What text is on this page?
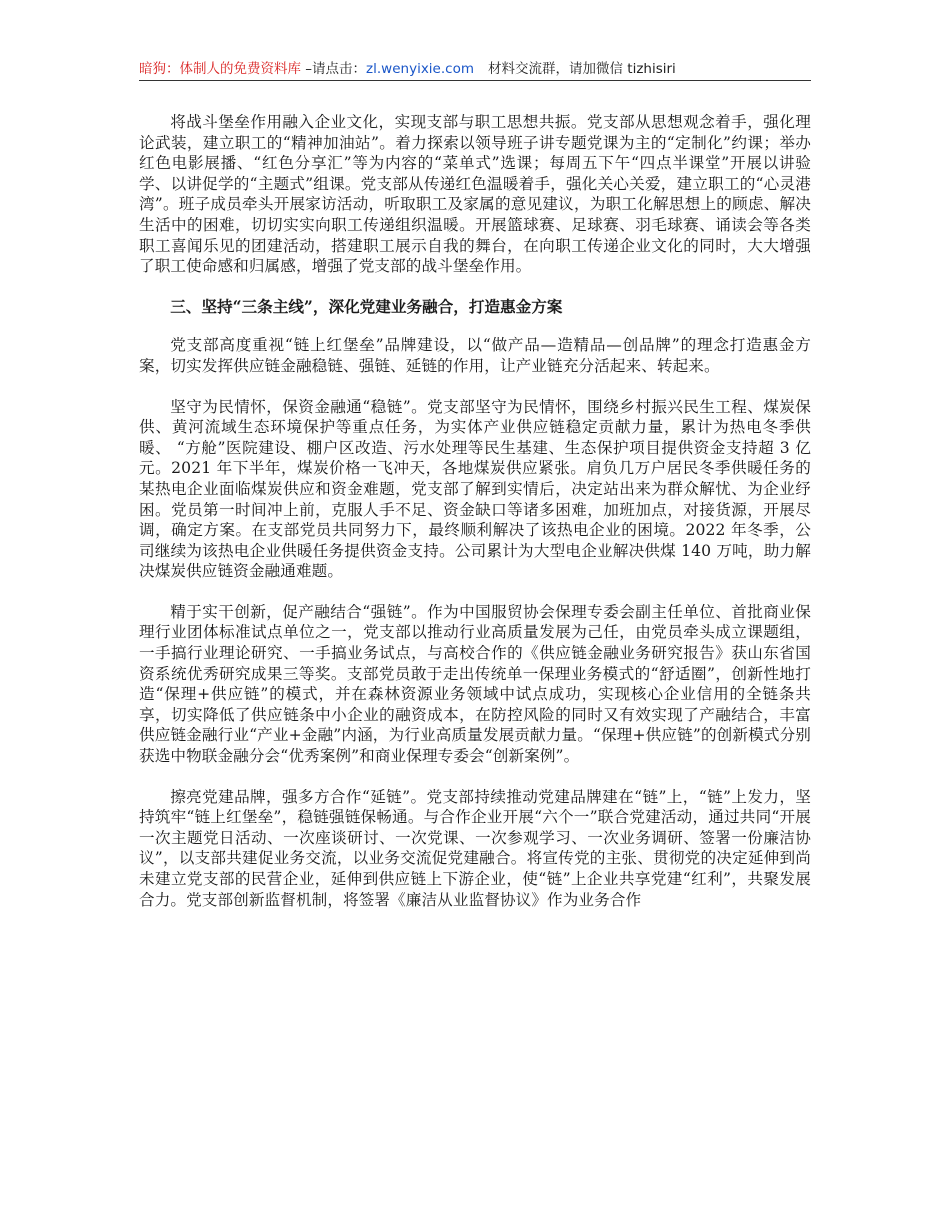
暗狗：体制人的免费资料库 –请点击：zl.wenyixie.com 材料交流群，请加微信 tizhisiri

将战斗堡垒作用融入企业文化，实现支部与职工思想共振。党支部从思想观念着手，强化理论武装，建立职工的“精神加油站”。着力探索以领导班子讲专题党课为主的“定制化”约课；举办红色电影展播、“红色分享汇”等为内容的“菜单式”选课；每周五下午“四点半课堂”开展以讲验学、以讲促学的“主题式”组课。党支部从传递红色温暖着手，强化关心关爱，建立职工的“心灵港湾”。班子成员牵头开展家访活动，听取职工及家属的意见建议，为职工化解思想上的顾虑、解决生活中的困难，切切实实向职工传递组织温暖。开展篮球赛、足球赛、羽毛球赛、诵读会等各类职工喜闻乐见的团建活动，搭建职工展示自我的舞台，在向职工传递企业文化的同时，大大增强了职工使命感和归属感，增强了党支部的战斗堡垒作用。

三、坚持“三条主线”，深化党建业务融合，打造惠金方案

党支部高度重视“链上红堡垒”品牌建设，以“做产品—造精品—创品牌”的理念打造惠金方案，切实发挥供应链金融稳链、强链、延链的作用，让产业链充分活起来、转起来。

坚守为民情怀，保资金融通“稳链”。党支部坚守为民情怀，围绕乡村振兴民生工程、煤炭保供、黄河流域生态环境保护等重点任务，为实体产业供应链稳定贡献力量，累计为热电冬季供暖、 “方舱”医院建设、棚户区改造、污水处理等民生基建、生态保护项目提供资金支持超 3 亿元。2021 年下半年，煤炭价格一飞冲天，各地煤炭供应紧张。肩负几万户居民冬季供暖任务的某热电企业面临煤炭供应和资金难题，党支部了解到实情后，决定站出来为群众解忧、为企业纾困。党员第一时间冲上前，克服人手不足、资金缺口等诸多困难，加班加点，对接货源，开展尽调，确定方案。在支部党员共同努力下，最终顺利解决了该热电企业的困境。2022 年冬季，公司继续为该热电企业供暖任务提供资金支持。公司累计为大型电企业解决供煤 140 万吨，助力解决煤炭供应链资金融通难题。

精于实干创新，促产融结合“强链”。作为中国服贸协会保理专委会副主任单位、首批商业保理行业团体标准试点单位之一，党支部以推动行业高质量发展为己任，由党员牵头成立课题组，一手搞行业理论研究、一手搞业务试点，与高校合作的《供应链金融业务研究报告》获山东省国资系统优秀研究成果三等奖。支部党员敢于走出传统单一保理业务模式的“舒适圈”，创新性地打造“保理+供应链”的模式，并在森林资源业务领域中试点成功，实现核心企业信用的全链条共享，切实降低了供应链条中小企业的融资成本，在防控风险的同时又有效实现了产融结合，丰富供应链金融行业“产业+金融”内涵，为行业高质量发展贡献力量。“保理+供应链”的创新模式分别获选中物联金融分会“优秀案例”和商业保理专委会“创新案例”。

擦亮党建品牌，强多方合作“延链”。党支部持续推动党建品牌建在“链”上，“链”上发力，坚持筑牢“链上红堡垒”，稳链强链保畅通。与合作企业开展“六个一”联合党建活动，通过共同“开展一次主题党日活动、一次座谈研讨、一次党课、一次参观学习、一次业务调研、签署一份廉洁协议”，以支部共建促业务交流，以业务交流促党建融合。将宣传党的主张、贯彻党的决定延伸到尚未建立党支部的民营企业，延伸到供应链上下游企业，使“链”上企业共享党建“红利”，共聚发展合力。党支部创新监督机制，将签署《廉洁从业监督协议》作为业务合作
